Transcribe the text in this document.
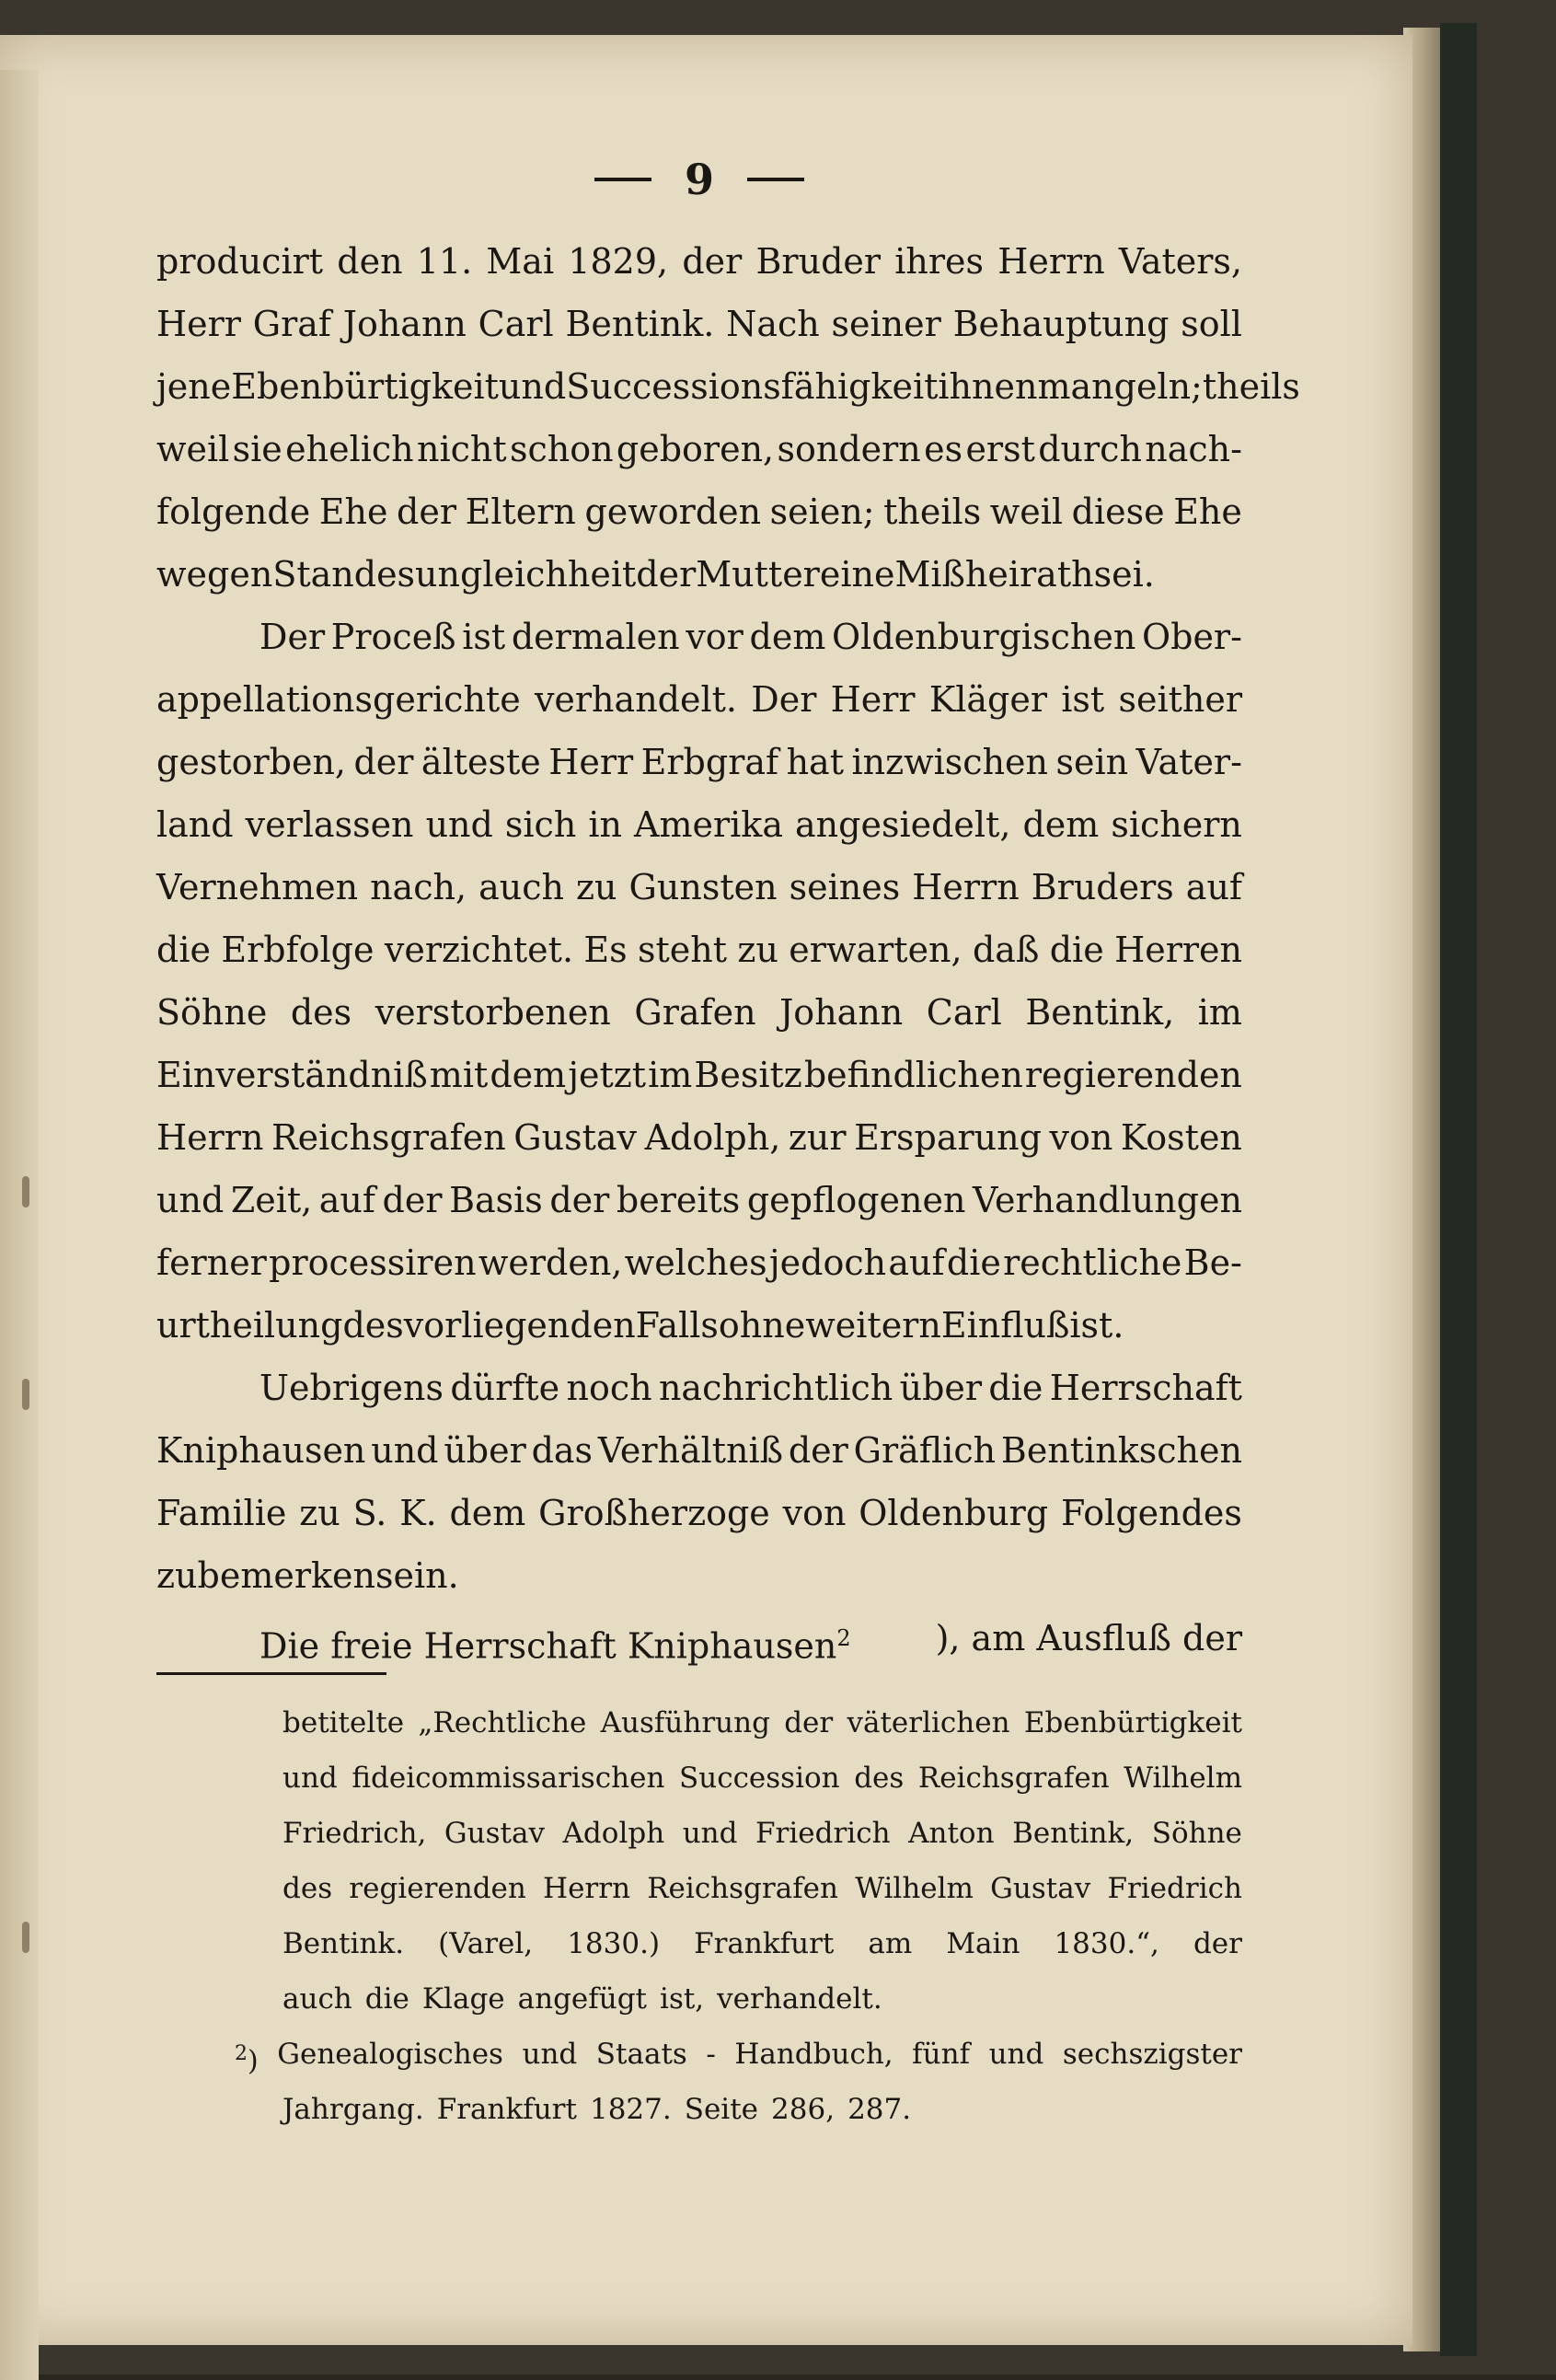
9
producirt den 11. Mai 1829, der Bruder ihres Herrn Vaters,
Herr Graf Johann Carl Bentink. Nach seiner Behauptung soll
jene Ebenbürtigkeit und Successionsfähigkeit ihnen mangeln; theils
weil sie ehelich nicht schon geboren, sondern es erst durch nach-
folgende Ehe der Eltern geworden seien; theils weil diese Ehe
wegen Standesungleichheit der Mutter eine Mißheirath sei.
Der Proceß ist dermalen vor dem Oldenburgischen Ober-
appellationsgerichte verhandelt. Der Herr Kläger ist seither
gestorben, der älteste Herr Erbgraf hat inzwischen sein Vater-
land verlassen und sich in Amerika angesiedelt, dem sichern
Vernehmen nach, auch zu Gunsten seines Herrn Bruders auf
die Erbfolge verzichtet. Es steht zu erwarten, daß die Herren
Söhne des verstorbenen Grafen Johann Carl Bentink, im
Einverständniß mit dem jetzt im Besitz befindlichen regierenden
Herrn Reichsgrafen Gustav Adolph, zur Ersparung von Kosten
und Zeit, auf der Basis der bereits gepflogenen Verhandlungen
ferner processiren werden, welches jedoch auf die rechtliche Be-
urtheilung des vorliegenden Falls ohne weitern Einfluß ist.
Uebrigens dürfte noch nachrichtlich über die Herrschaft
Kniphausen und über das Verhältniß der Gräflich Bentinkschen
Familie zu S. K. dem Großherzoge von Oldenburg Folgendes
zu bemerken sein.
Die freie Herrschaft Kniphausen$^2$ ), am Ausfluß der
betitelte „Rechtliche Ausführung der väterlichen Ebenbürtigkeit
und fideicommissarischen Succession des Reichsgrafen Wilhelm
Friedrich, Gustav Adolph und Friedrich Anton Bentink, Söhne
des regierenden Herrn Reichsgrafen Wilhelm Gustav Friedrich
Bentink. (Varel, 1830.) Frankfurt am Main 1830.“, der
auch die Klage angefügt ist, verhandelt.
$^2$) Genealogisches und Staats - Handbuch, fünf und sechszigster
Jahrgang. Frankfurt 1827. Seite 286, 287.
